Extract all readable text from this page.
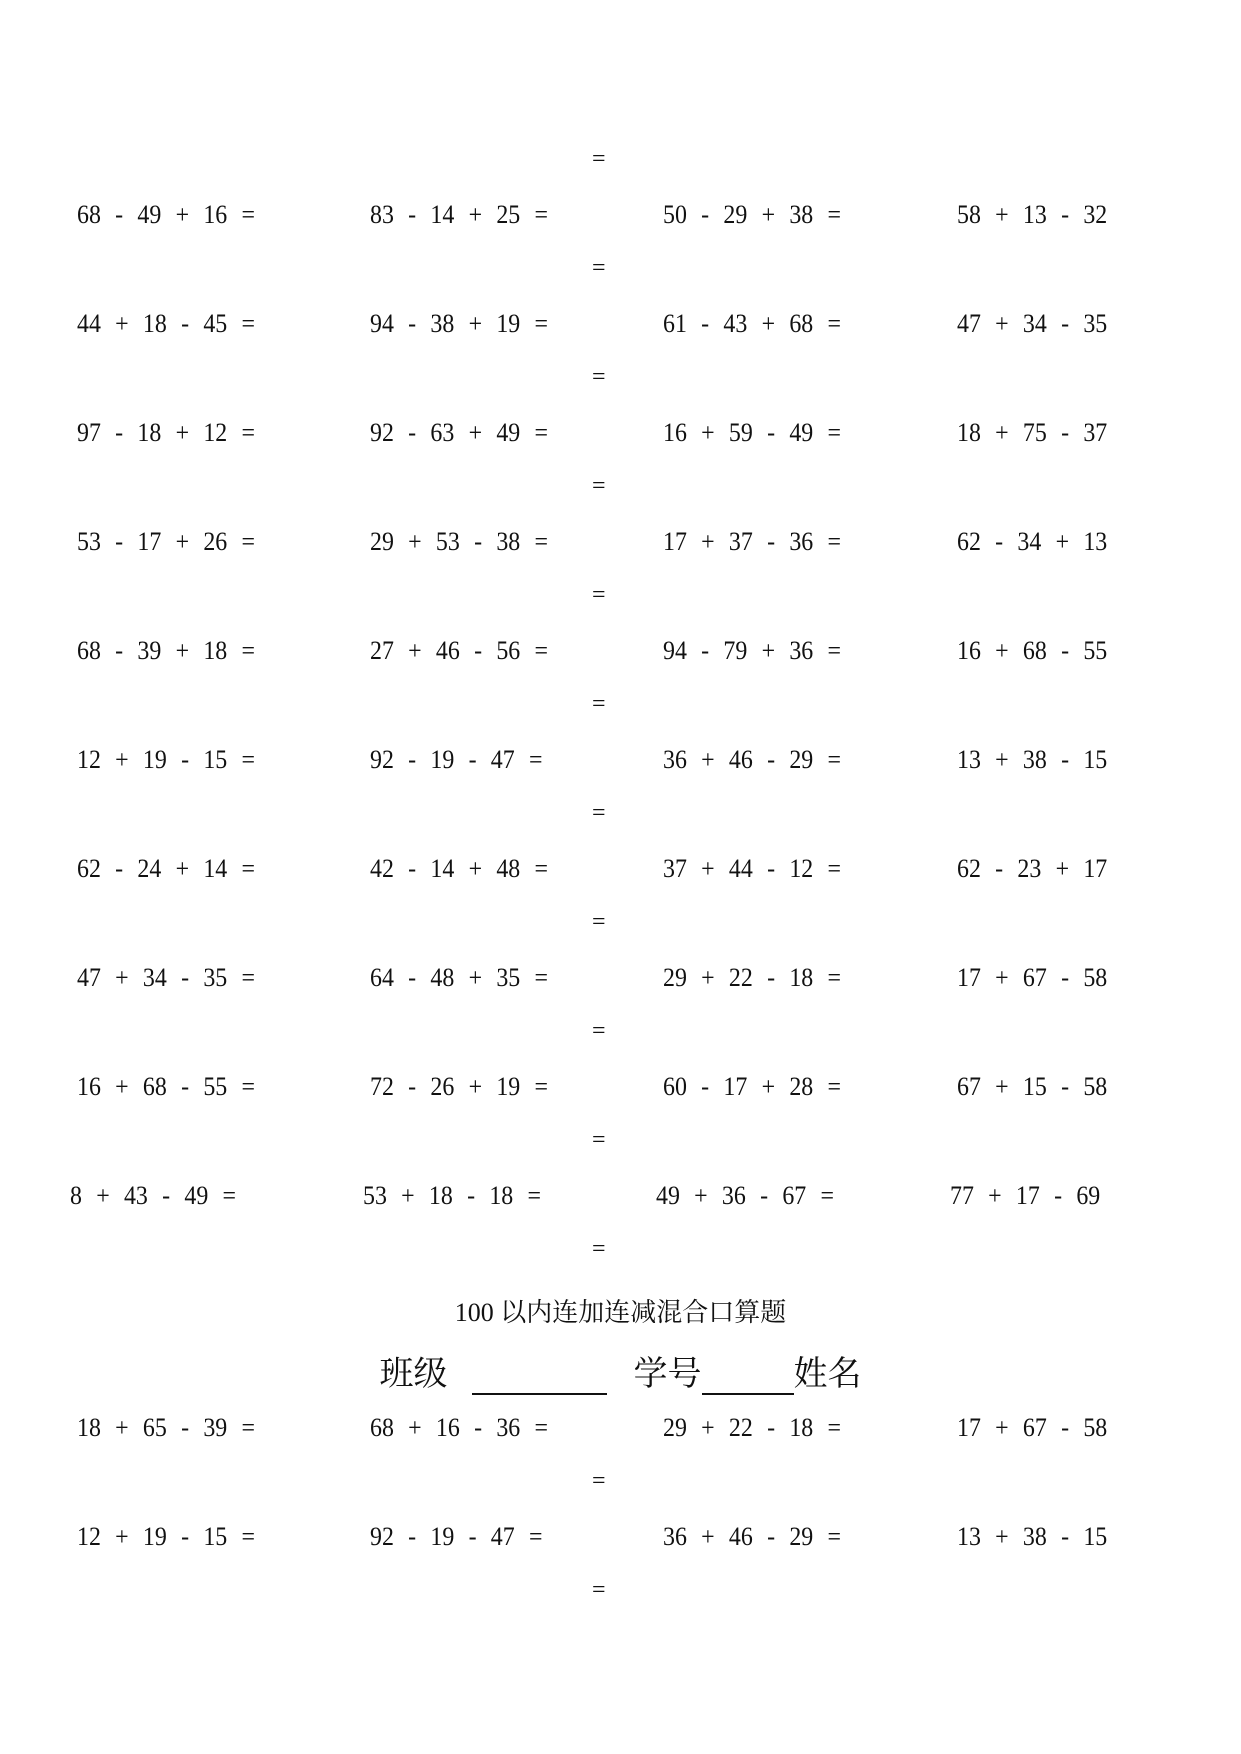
100 以内连加连减混合口算题
班级	学号	姓名
=
68 - 49 + 16 =	83 - 14 + 25 =	50 - 29 + 38 =	58 + 13 - 32
=
44 + 18 - 45 =	94 - 38 + 19 =	61 - 43 + 68 =	47 + 34 - 35
=
97 - 18 + 12 =	92 - 63 + 49 =	16 + 59 - 49 =	18 + 75 - 37
=
53 - 17 + 26 =	29 + 53 - 38 =	17 + 37 - 36 =	62 - 34 + 13
=
68 - 39 + 18 =	27 + 46 - 56 =	94 - 79 + 36 =	16 + 68 - 55
=
12 + 19 - 15 =	92 - 19 - 47 =	36 + 46 - 29 =	13 + 38 - 15
=
62 - 24 + 14 =	42 - 14 + 48 =	37 + 44 - 12 =	62 - 23 + 17
=
47 + 34 - 35 =	64 - 48 + 35 =	29 + 22 - 18 =	17 + 67 - 58
=
16 + 68 - 55 =	72 - 26 + 19 =	60 - 17 + 28 =	67 + 15 - 58
=
8 + 43 - 49 =	53 + 18 - 18 =	49 + 36 - 67 =	77 + 17 - 69
=
18 + 65 - 39 =	68 + 16 - 36 =	29 + 22 - 18 =	17 + 67 - 58
=
12 + 19 - 15 =	92 - 19 - 47 =	36 + 46 - 29 =	13 + 38 - 15
=
